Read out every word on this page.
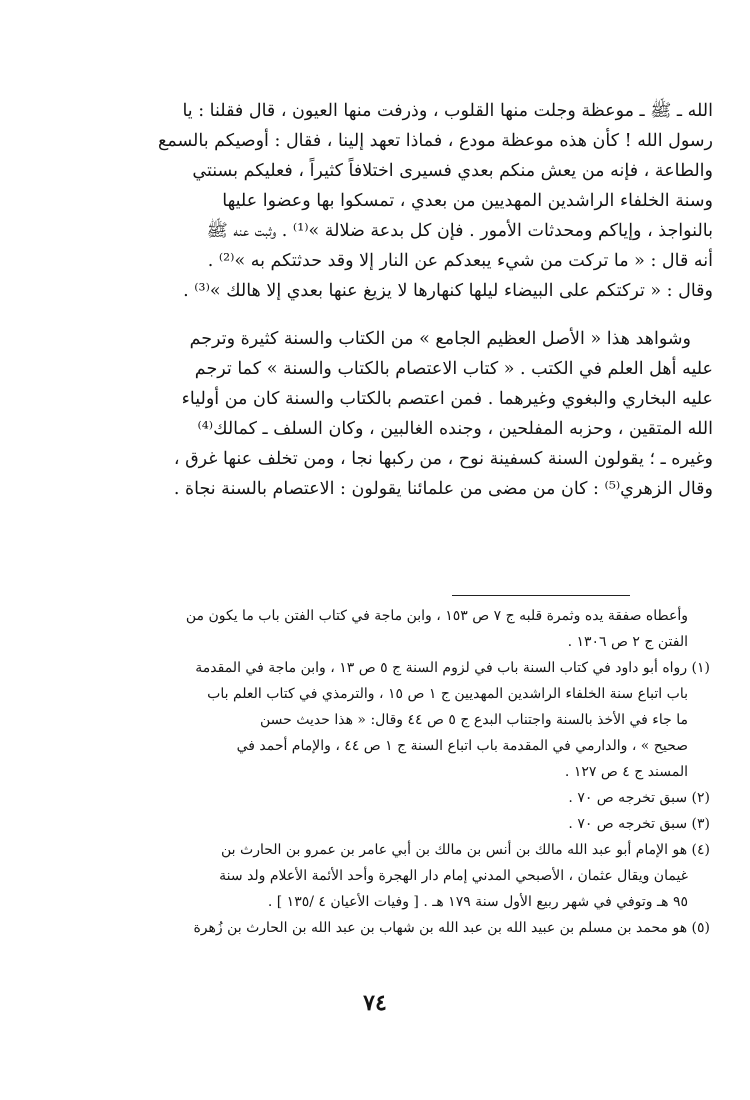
الله ـ ﷺ ـ موعظة وجلت منها القلوب ، وذرفت منها العيون ، قال فقلنا : يا
رسول الله ! كأن هذه موعظة مودع ، فماذا تعهد إلينا ، فقال : أوصيكم بالسمع
والطاعة ، فإنه من يعش منكم بعدي فسيرى اختلافاً كثيراً ، فعليكم بسنتي
وسنة الخلفاء الراشدين المهديين من بعدي ، تمسكوا بها وعضوا عليها
بالنواجذ ، وإياكم ومحدثات الأمور . فإن كل بدعة ضلالة »⁽¹⁾ . وثبت عنه ﷺ
أنه قال : « ما تركت من شيء يبعدكم عن النار إلا وقد حدثتكم به »⁽²⁾ .
وقال : « تركتكم على البيضاء ليلها كنهارها لا يزيغ عنها بعدي إلا هالك »⁽³⁾ .
وشواهد هذا « الأصل العظيم الجامع » من الكتاب والسنة كثيرة وترجم
عليه أهل العلم في الكتب . « كتاب الاعتصام بالكتاب والسنة » كما ترجم
عليه البخاري والبغوي وغيرهما . فمن اعتصم بالكتاب والسنة كان من أولياء
الله المتقين ، وحزبه المفلحين ، وجنده الغالبين ، وكان السلف ـ كمالك⁽⁴⁾
وغيره ـ ؛ يقولون السنة كسفينة نوح ، من ركبها نجا ، ومن تخلف عنها غرق ،
وقال الزهري⁽⁵⁾ : كان من مضى من علمائنا يقولون : الاعتصام بالسنة نجاة .
وأعطاه صفقة يده وثمرة قلبه ج ٧ ص ١٥٣ ، وابن ماجة في كتاب الفتن باب ما يكون من
الفتن ج ٢ ص ١٣٠٦ .
(١) رواه أبو داود في كتاب السنة باب في لزوم السنة ج ٥ ص ١٣ ، وابن ماجة في المقدمة
باب اتباع سنة الخلفاء الراشدين المهديين ج ١ ص ١٥ ، والترمذي في كتاب العلم باب
ما جاء في الأخذ بالسنة واجتناب البدع ج ٥ ص ٤٤ وقال: « هذا حديث حسن
صحيح » ، والدارمي في المقدمة باب اتباع السنة ج ١ ص ٤٤ ، والإمام أحمد في
المسند ج ٤ ص ١٢٧ .
(٢) سبق تخرجه ص ٧٠ .
(٣) سبق تخرجه ص ٧٠ .
(٤) هو الإمام أبو عبد الله مالك بن أنس بن مالك بن أبي عامر بن عمرو بن الحارث بن
غيمان ويقال عثمان ، الأصبحي المدني إمام دار الهجرة وأحد الأئمة الأعلام ولد سنة
٩٥ هـ وتوفي في شهر ربيع الأول سنة ١٧٩ هـ . [ وفيات الأعيان ٤ /١٣٥ ] .
(٥) هو محمد بن مسلم بن عبيد الله بن عبد الله بن شهاب بن عبد الله بن الحارث بن زُهرة
٧٤
